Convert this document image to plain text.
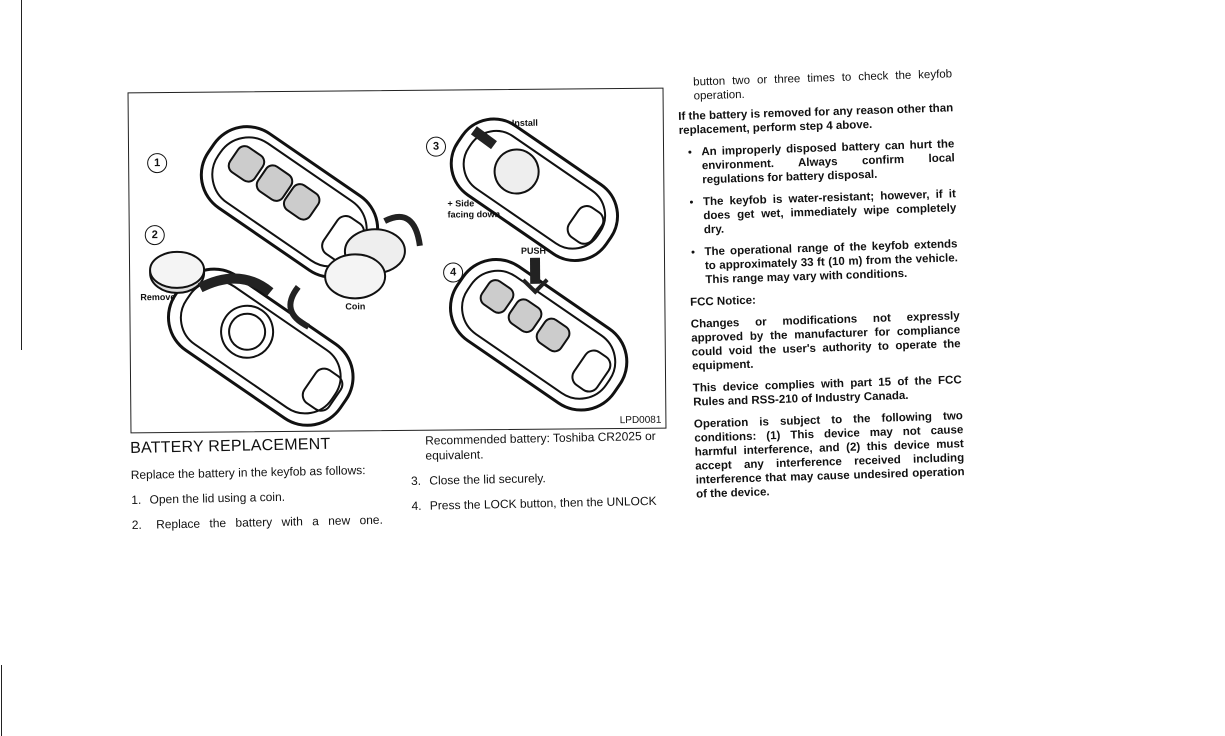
1
2
3
4
Remove
Coin
Install
+ Side
facing down
PUSH
LPD0081
BATTERY REPLACEMENT

Replace the battery in the keyfob as follows:

1. Open the lid using a coin.
2. Replace the battery with a new one.

Recommended battery: Toshiba CR2025 or equivalent.

3. Close the lid securely.
4. Press the LOCK button, then the UNLOCK

button two or three times to check the keyfob operation.

If the battery is removed for any reason other than replacement, perform step 4 above.

• An improperly disposed battery can hurt the environment. Always confirm local regulations for battery disposal.
• The keyfob is water-resistant; however, if it does get wet, immediately wipe completely dry.
• The operational range of the keyfob extends to approximately 33 ft (10 m) from the vehicle. This range may vary with conditions.

FCC Notice:

Changes or modifications not expressly approved by the manufacturer for compliance could void the user's authority to operate the equipment.

This device complies with part 15 of the FCC Rules and RSS-210 of Industry Canada.

Operation is subject to the following two conditions: (1) This device may not cause harmful interference, and (2) this device must accept any interference received including interference that may cause undesired operation of the device.
